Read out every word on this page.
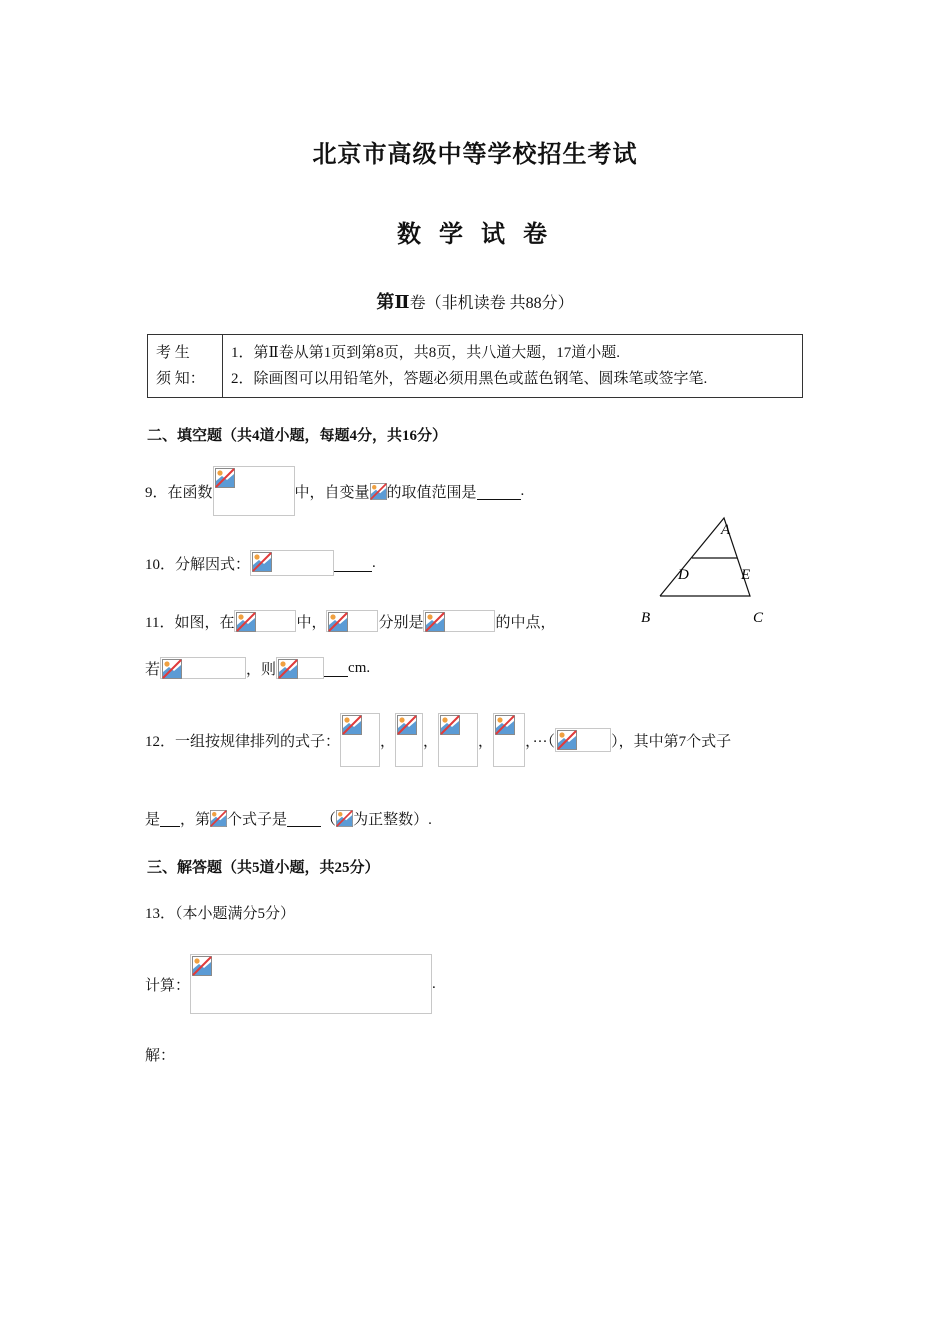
北京市高级中等学校招生考试
数 学 试 卷
第Ⅱ卷（非机读卷 共88分）
考 生
须 知：

1．第Ⅱ卷从第1页到第8页，共8页，共八道大题，17道小题.
2．除画图可以用铅笔外，答题必须用黑色或蓝色钢笔、圆珠笔或签字笔.
二、填空题（共4道小题，每题4分，共16分）
9．在函数	中，自变量 的取值范围是	.
10．分解因式：	.
A
D	E
B	C
11．如图，在	中，	分别是	的中点，
若	，则	cm.
12．一组按规律排列的式子：	， ，	， ，···（	），其中第7个式子
是 ，第 个式子是 （ 为正整数）.
三、解答题（共5道小题，共25分）
13．（本小题满分5分）
计算：	.
解：
